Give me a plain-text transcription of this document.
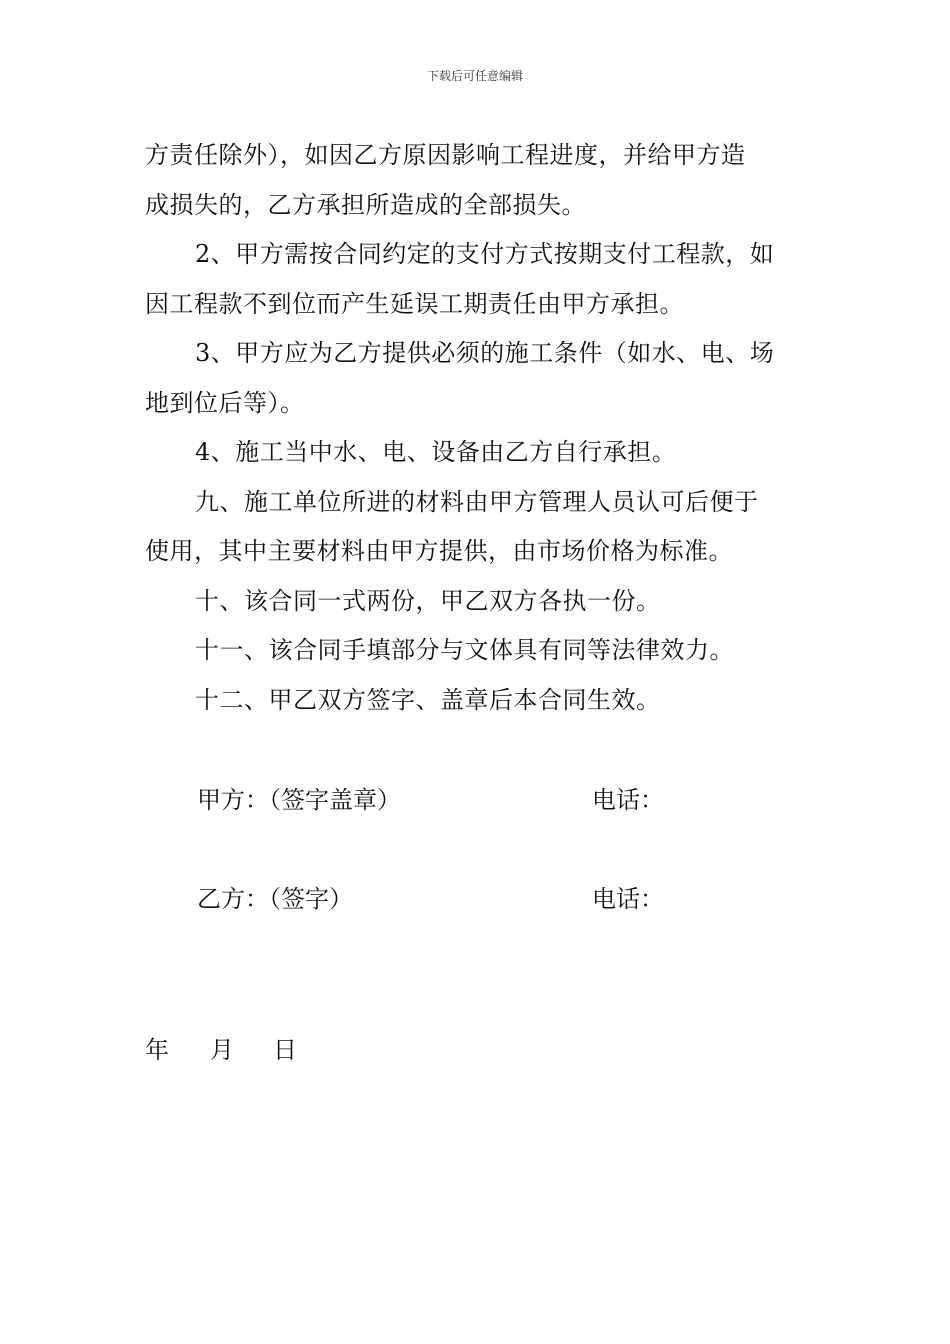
下载后可任意编辑
方责任除外），如因乙方原因影响工程进度，并给甲方造
成损失的，乙方承担所造成的全部损失。
2、甲方需按合同约定的支付方式按期支付工程款，如
因工程款不到位而产生延误工期责任由甲方承担。
3、甲方应为乙方提供必须的施工条件（如水、电、场
地到位后等）。
4、施工当中水、电、设备由乙方自行承担。
九、施工单位所进的材料由甲方管理人员认可后便于
使用，其中主要材料由甲方提供，由市场价格为标准。
十、该合同一式两份，甲乙双方各执一份。
十一、该合同手填部分与文体具有同等法律效力。
十二、甲乙双方签字、盖章后本合同生效。
甲方：（签字盖章）	电话：
乙方：（签字）	电话：
年 月 日
